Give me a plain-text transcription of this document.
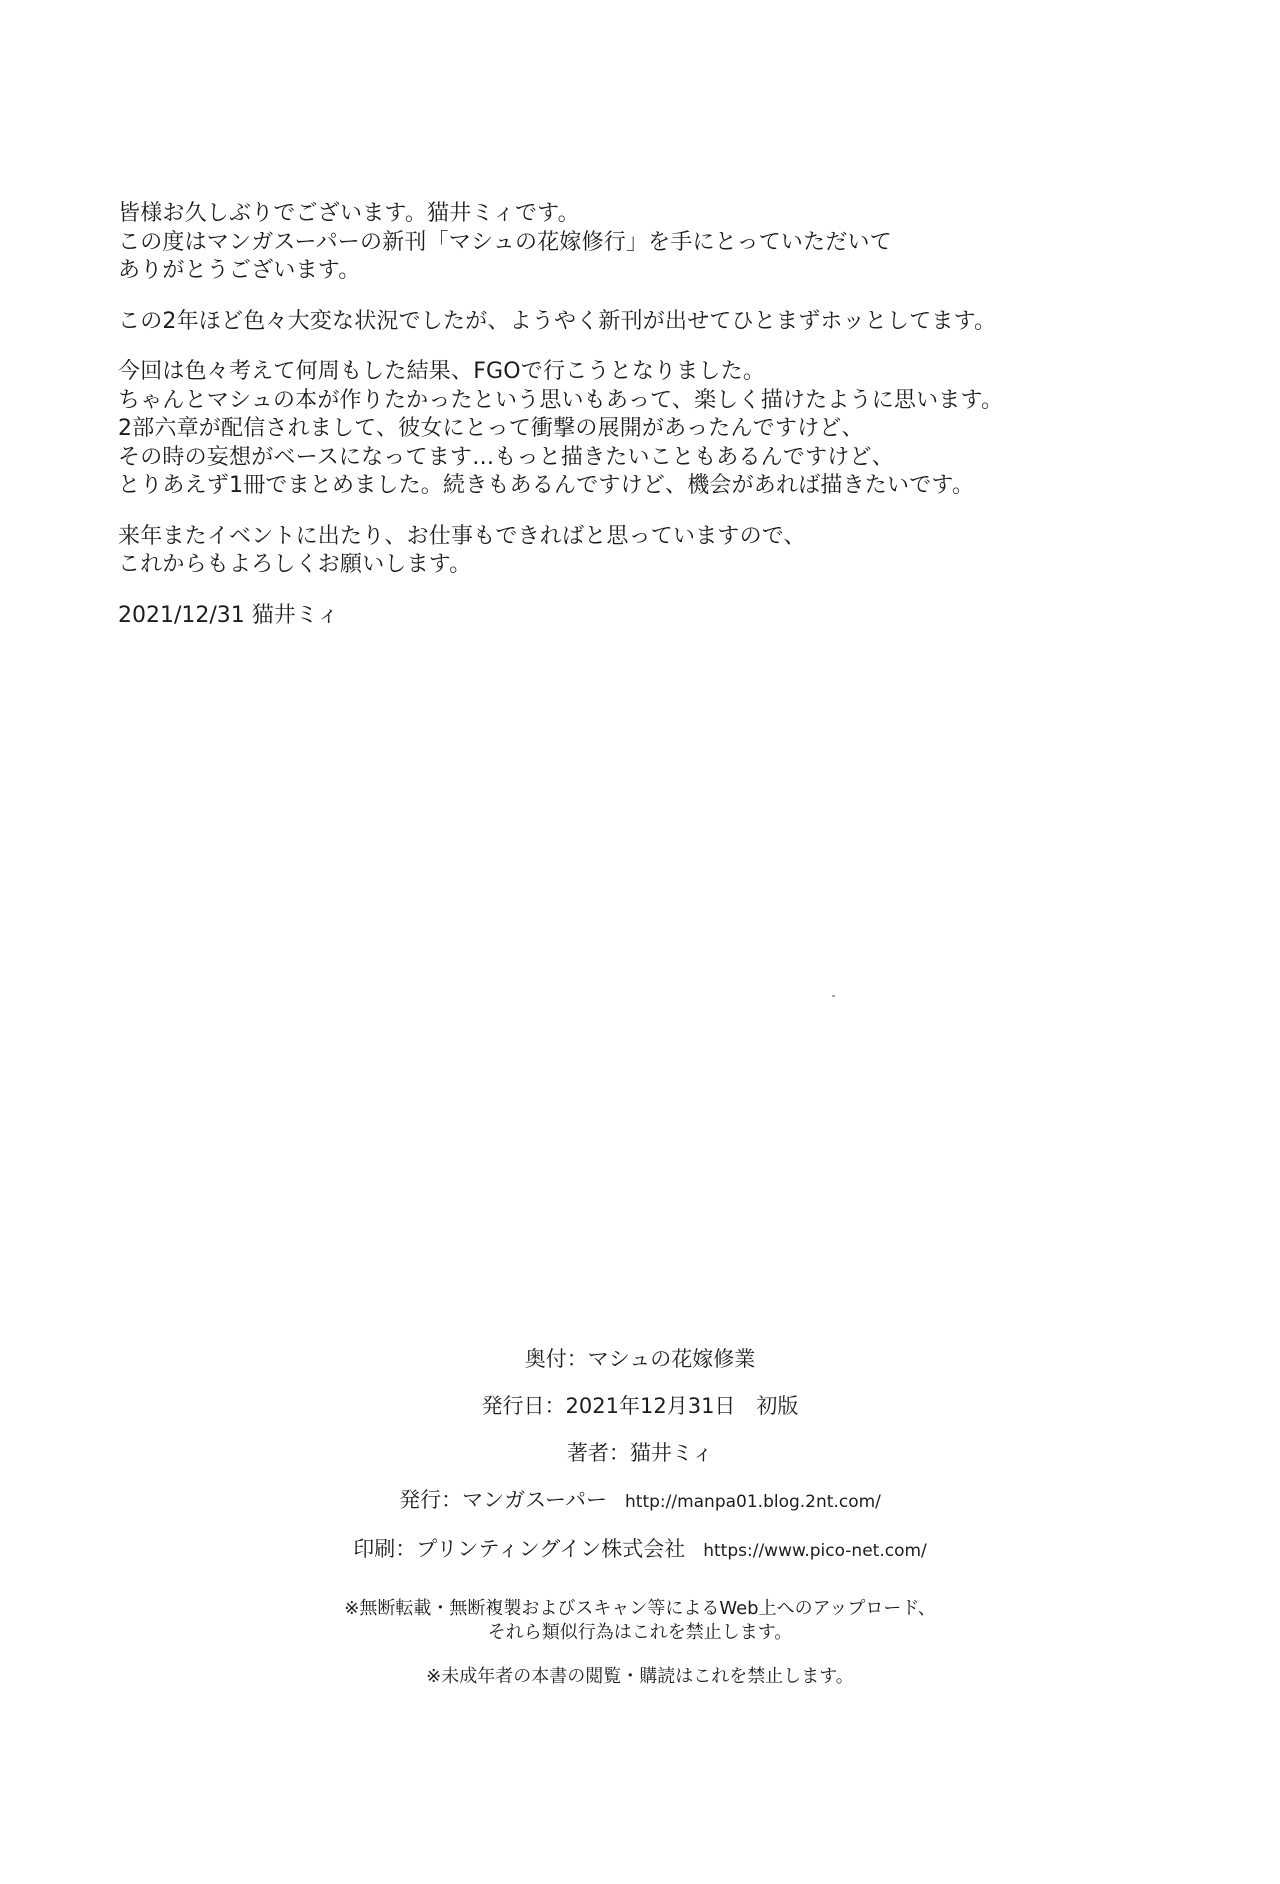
皆様お久しぶりでございます。猫井ミィです。
この度はマンガスーパーの新刊「マシュの花嫁修行」を手にとっていただいて
ありがとうございます。
この2年ほど色々大変な状況でしたが、ようやく新刊が出せてひとまずホッとしてます。
今回は色々考えて何周もした結果、FGOで行こうとなりました。
ちゃんとマシュの本が作りたかったという思いもあって、楽しく描けたように思います。
2部六章が配信されまして、彼女にとって衝撃の展開があったんですけど、
その時の妄想がベースになってます…もっと描きたいこともあるんですけど、
とりあえず1冊でまとめました。続きもあるんですけど、機会があれば描きたいです。
来年またイベントに出たり、お仕事もできればと思っていますので、
これからもよろしくお願いします。
2021/12/31 猫井ミィ
奥付：マシュの花嫁修業
発行日：2021年12月31日　初版
著者：猫井ミィ
発行：マンガスーパー http://manpa01.blog.2nt.com/
印刷：プリンティングイン株式会社 https://www.pico-net.com/
※無断転載・無断複製およびスキャン等によるWeb上へのアップロード、
それら類似行為はこれを禁止します。
※未成年者の本書の閲覧・購読はこれを禁止します。
